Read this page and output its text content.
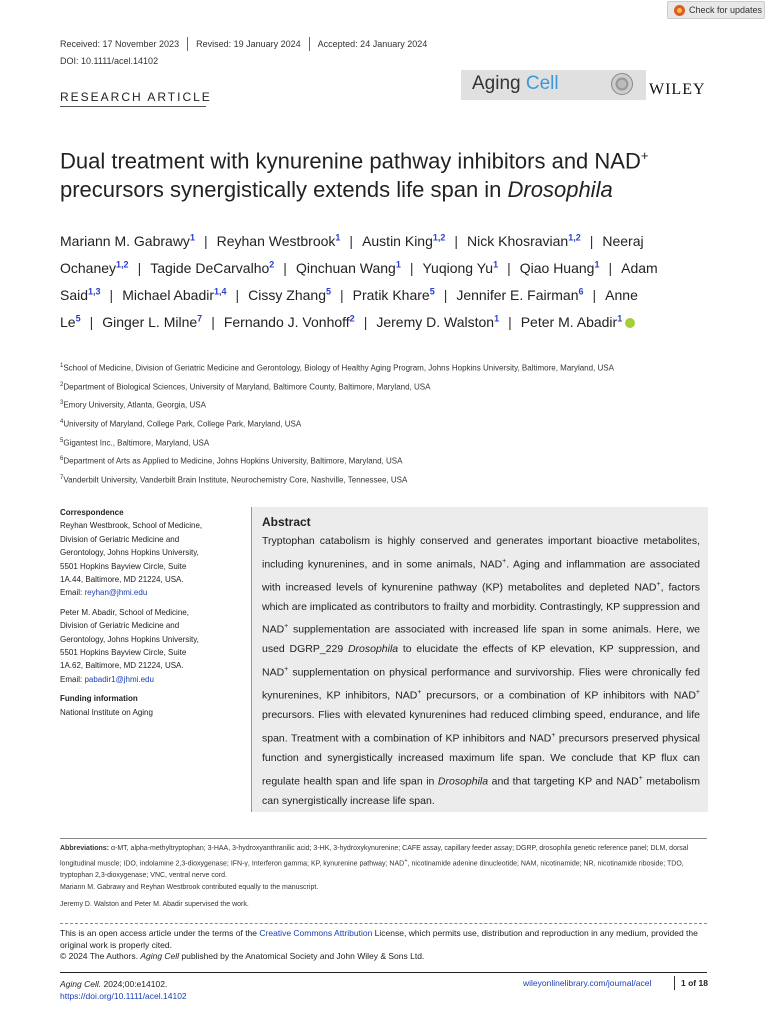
Check for updates
Received: 17 November 2023 Revised: 19 January 2024 Accepted: 24 January 2024
DOI: 10.1111/acel.14102
RESEARCH ARTICLE
Aging Cell	WILEY
Dual treatment with kynurenine pathway inhibitors and NAD+
precursors synergistically extends life span in Drosophila
Mariann M. Gabrawy$^1$ | Reyhan Westbrook$^1$ | Austin King$^{1,2}$ | Nick Khosravian$^{1,2}$ | Neeraj Ochaney$^{1,2}$ | Tagide DeCarvalho$^2$ | Qinchuan Wang$^1$ | Yuqiong Yu$^1$ | Qiao Huang$^1$ | Adam Said$^{1,3}$ | Michael Abadir$^{1,4}$ | Cissy Zhang$^5$ | Pratik Khare$^5$ | Jennifer E. Fairman$^6$ | Anne Le$^5$ | Ginger L. Milne$^7$ | Fernando J. Vonhoff$^2$ | Jeremy D. Walston$^1$ | Peter M. Abadir$^1$
$^1$School of Medicine, Division of Geriatric Medicine and Gerontology, Biology of Healthy Aging Program, Johns Hopkins University, Baltimore, Maryland, USA
$^2$Department of Biological Sciences, University of Maryland, Baltimore County, Baltimore, Maryland, USA
$^3$Emory University, Atlanta, Georgia, USA
$^4$University of Maryland, College Park, College Park, Maryland, USA
$^5$Gigantest Inc., Baltimore, Maryland, USA
$^6$Department of Arts as Applied to Medicine, Johns Hopkins University, Baltimore, Maryland, USA
$^7$Vanderbilt University, Vanderbilt Brain Institute, Neurochemistry Core, Nashville, Tennessee, USA
Correspondence
Reyhan Westbrook, School of Medicine,
Division of Geriatric Medicine and
Gerontology, Johns Hopkins University,
5501 Hopkins Bayview Circle, Suite
1A.44, Baltimore, MD 21224, USA.
Email: reyhan@jhmi.edu
Peter M. Abadir, School of Medicine,
Division of Geriatric Medicine and
Gerontology, Johns Hopkins University,
5501 Hopkins Bayview Circle, Suite
1A.62, Baltimore, MD 21224, USA.
Email: pabadir1@jhmi.edu
Funding information
National Institute on Aging
Abstract
Tryptophan catabolism is highly conserved and generates important bioactive metabolites, including kynurenines, and in some animals, NAD+. Aging and inflammation are associated with increased levels of kynurenine pathway (KP) metabolites and depleted NAD+, factors which are implicated as contributors to frailty and morbidity. Contrastingly, KP suppression and NAD+ supplementation are associated with increased life span in some animals. Here, we used DGRP_229 Drosophila to elucidate the effects of KP elevation, KP suppression, and NAD+ supplementation on physical performance and survivorship. Flies were chronically fed kynurenines, KP inhibitors, NAD+ precursors, or a combination of KP inhibitors with NAD+ precursors. Flies with elevated kynurenines had reduced climbing speed, endurance, and life span. Treatment with a combination of KP inhibitors and NAD+ precursors preserved physical function and synergistically increased maximum life span. We conclude that KP flux can regulate health span and life span in Drosophila and that targeting KP and NAD+ metabolism can synergistically increase life span.
Abbreviations: α-MT, alpha-methyltryptophan; 3-HAA, 3-hydroxyanthranilic acid; 3-HK, 3-hydroxykynurenine; CAFE assay, capillary feeder assay; DGRP, drosophila genetic reference panel; DLM, dorsal longitudinal muscle; IDO, indolamine 2,3-dioxygenase; IFN-γ, Interferon gamma; KP, kynurenine pathway; NAD+, nicotinamide adenine dinucleotide; NAM, nicotinamide; NR, nicotinamide riboside; TDO, tryptophan 2,3-dioxygenase; VNC, ventral nerve cord.
Mariann M. Gabrawy and Reyhan Westbrook contributed equally to the manuscript.
Jeremy D. Walston and Peter M. Abadir supervised the work.
This is an open access article under the terms of the Creative Commons Attribution License, which permits use, distribution and reproduction in any medium, provided the original work is properly cited.
© 2024 The Authors. Aging Cell published by the Anatomical Society and John Wiley & Sons Ltd.
Aging Cell. 2024;00:e14102.
https://doi.org/10.1111/acel.14102
wileyonlinelibrary.com/journal/acel	1 of 18
